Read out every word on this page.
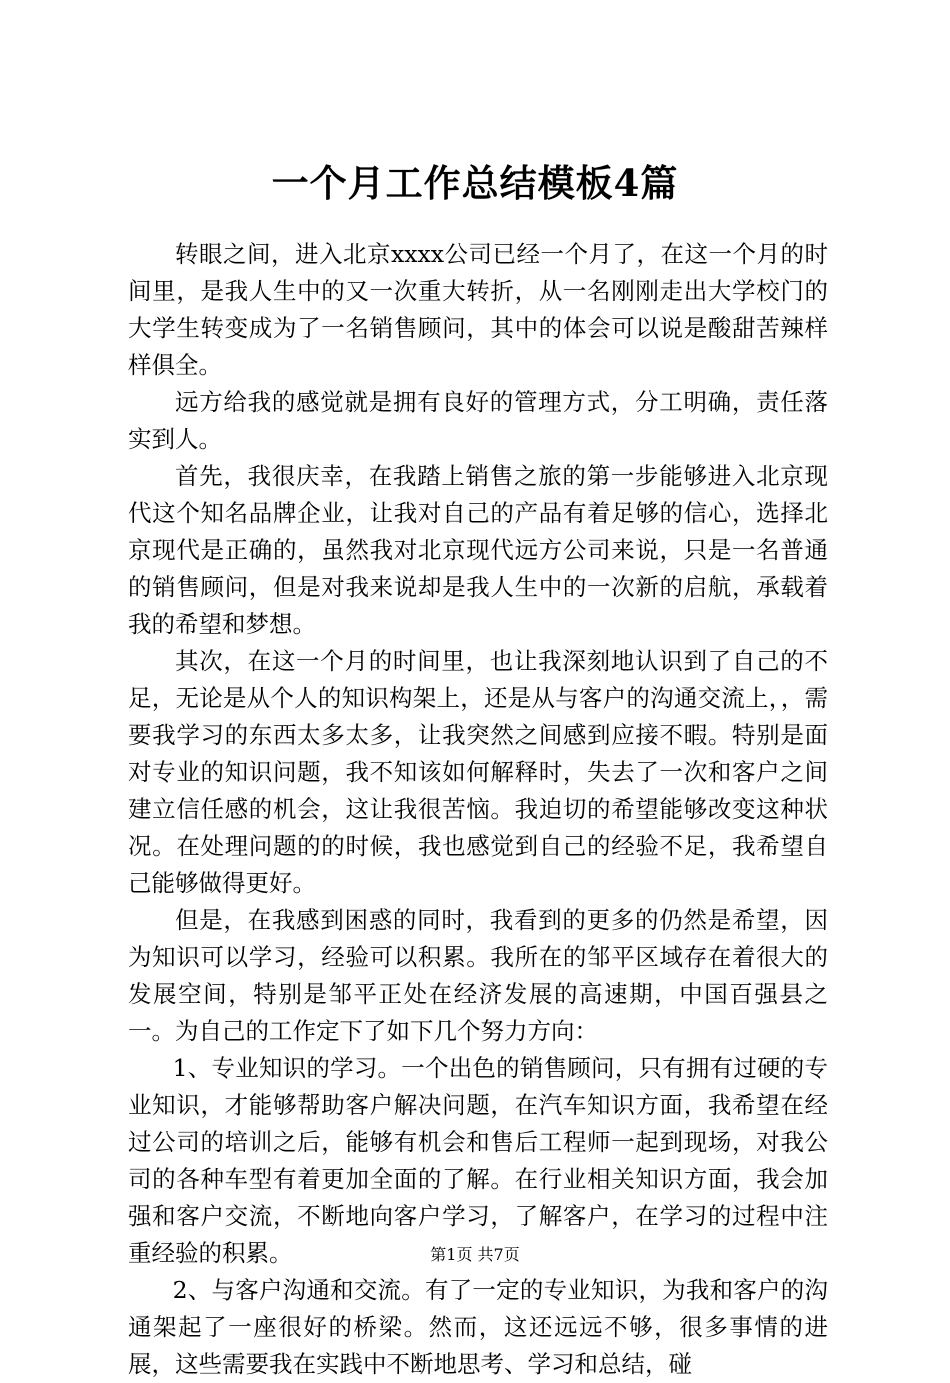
一个月工作总结模板4篇

转眼之间，进入北京xxxx公司已经一个月了，在这一个月的时间里，是我人生中的又一次重大转折，从一名刚刚走出大学校门的大学生转变成为了一名销售顾问，其中的体会可以说是酸甜苦辣样样俱全。

远方给我的感觉就是拥有良好的管理方式，分工明确，责任落实到人。

首先，我很庆幸，在我踏上销售之旅的第一步能够进入北京现代这个知名品牌企业，让我对自己的产品有着足够的信心，选择北京现代是正确的，虽然我对北京现代远方公司来说，只是一名普通的销售顾问，但是对我来说却是我人生中的一次新的启航，承载着我的希望和梦想。

其次，在这一个月的时间里，也让我深刻地认识到了自己的不足，无论是从个人的知识构架上，还是从与客户的沟通交流上，，需要我学习的东西太多太多，让我突然之间感到应接不暇。特别是面对专业的知识问题，我不知该如何解释时，失去了一次和客户之间建立信任感的机会，这让我很苦恼。我迫切的希望能够改变这种状况。在处理问题的的时候，我也感觉到自己的经验不足，我希望自己能够做得更好。

但是，在我感到困惑的同时，我看到的更多的仍然是希望，因为知识可以学习，经验可以积累。我所在的邹平区域存在着很大的发展空间，特别是邹平正处在经济发展的高速期，中国百强县之一。为自己的工作定下了如下几个努力方向：

1、专业知识的学习。一个出色的销售顾问，只有拥有过硬的专业知识，才能够帮助客户解决问题，在汽车知识方面，我希望在经过公司的培训之后，能够有机会和售后工程师一起到现场，对我公司的各种车型有着更加全面的了解。在行业相关知识方面，我会加强和客户交流，不断地向客户学习，了解客户，在学习的过程中注重经验的积累。

2、与客户沟通和交流。有了一定的专业知识，为我和客户的沟通架起了一座很好的桥梁。然而，这还远远不够，很多事情的进展，这些需要我在实践中不断地思考、学习和总结，碰

第1页 共7页
